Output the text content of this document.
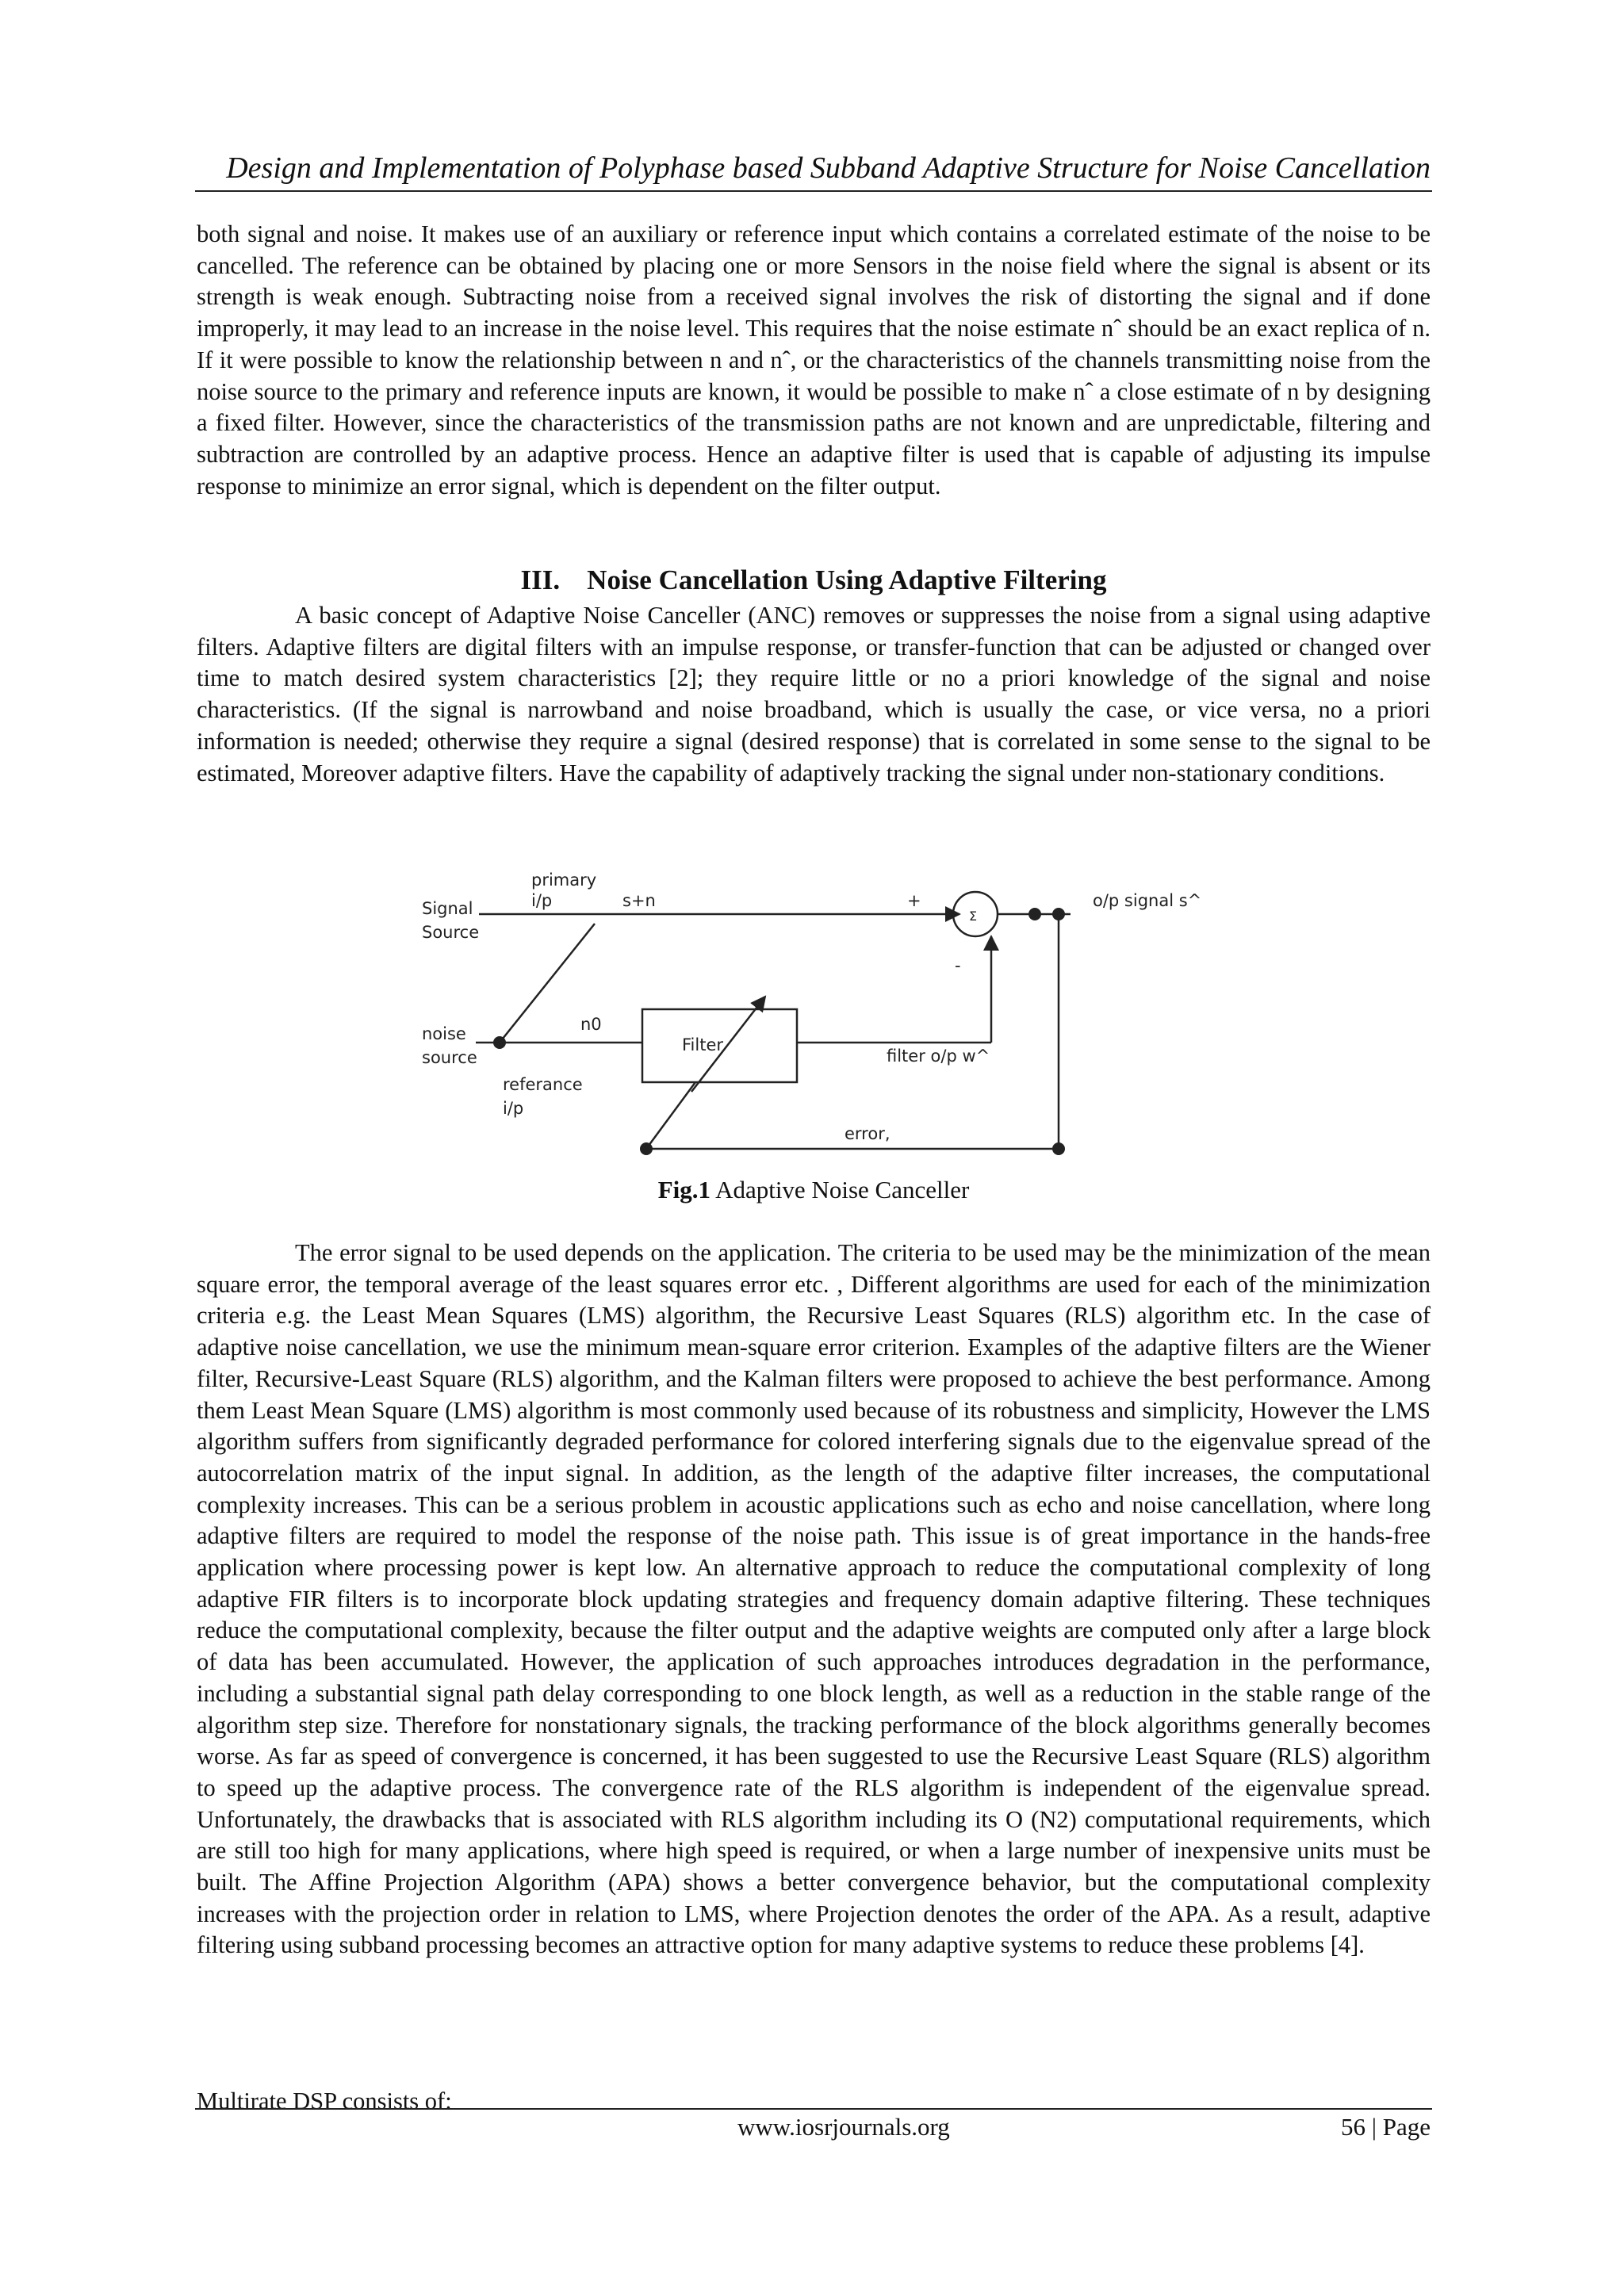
Design and Implementation of Polyphase based Subband Adaptive Structure for Noise Cancellation

both signal and noise. It makes use of an auxiliary or reference input which contains a correlated estimate of the noise to be cancelled. The reference can be obtained by placing one or more Sensors in the noise field where the signal is absent or its strength is weak enough. Subtracting noise from a received signal involves the risk of distorting the signal and if done improperly, it may lead to an increase in the noise level. This requires that the noise estimate nˆ should be an exact replica of n. If it were possible to know the relationship between n and nˆ, or the characteristics of the channels transmitting noise from the noise source to the primary and reference inputs are known, it would be possible to make nˆ a close estimate of n by designing a fixed filter. However, since the characteristics of the transmission paths are not known and are unpredictable, filtering and subtraction are controlled by an adaptive process. Hence an adaptive filter is used that is capable of adjusting its impulse response to minimize an error signal, which is dependent on the filter output.

III. Noise Cancellation Using Adaptive Filtering

A basic concept of Adaptive Noise Canceller (ANC) removes or suppresses the noise from a signal using adaptive filters. Adaptive filters are digital filters with an impulse response, or transfer-function that can be adjusted or changed over time to match desired system characteristics [2]; they require little or no a priori knowledge of the signal and noise characteristics. (If the signal is narrowband and noise broadband, which is usually the case, or vice versa, no a priori information is needed; otherwise they require a signal (desired response) that is correlated in some sense to the signal to be estimated, Moreover adaptive filters. Have the capability of adaptively tracking the signal under non-stationary conditions.

Signal
Source
primary
i/p	s+n	+
Σ
-
o/p signal s^
noise
source
n0
Filter
filter o/p w^
referance
i/p
error,

Fig.1 Adaptive Noise Canceller

The error signal to be used depends on the application. The criteria to be used may be the minimization of the mean square error, the temporal average of the least squares error etc. , Different algorithms are used for each of the minimization criteria e.g. the Least Mean Squares (LMS) algorithm, the Recursive Least Squares (RLS) algorithm etc. In the case of adaptive noise cancellation, we use the minimum mean-square error criterion. Examples of the adaptive filters are the Wiener filter, Recursive-Least Square (RLS) algorithm, and the Kalman filters were proposed to achieve the best performance. Among them Least Mean Square (LMS) algorithm is most commonly used because of its robustness and simplicity, However the LMS algorithm suffers from significantly degraded performance for colored interfering signals due to the eigenvalue spread of the autocorrelation matrix of the input signal. In addition, as the length of the adaptive filter increases, the computational complexity increases. This can be a serious problem in acoustic applications such as echo and noise cancellation, where long adaptive filters are required to model the response of the noise path. This issue is of great importance in the hands-free application where processing power is kept low. An alternative approach to reduce the computational complexity of long adaptive FIR filters is to incorporate block updating strategies and frequency domain adaptive filtering. These techniques reduce the computational complexity, because the filter output and the adaptive weights are computed only after a large block of data has been accumulated. However, the application of such approaches introduces degradation in the performance, including a substantial signal path delay corresponding to one block length, as well as a reduction in the stable range of the algorithm step size. Therefore for nonstationary signals, the tracking performance of the block algorithms generally becomes worse. As far as speed of convergence is concerned, it has been suggested to use the Recursive Least Square (RLS) algorithm to speed up the adaptive process. The convergence rate of the RLS algorithm is independent of the eigenvalue spread. Unfortunately, the drawbacks that is associated with RLS algorithm including its O (N2) computational requirements, which are still too high for many applications, where high speed is required, or when a large number of inexpensive units must be built. The Affine Projection Algorithm (APA) shows a better convergence behavior, but the computational complexity increases with the projection order in relation to LMS, where Projection denotes the order of the APA. As a result, adaptive filtering using subband processing becomes an attractive option for many adaptive systems to reduce these problems [4].

Multirate DSP consists of:

www.iosrjournals.org	56 | Page
